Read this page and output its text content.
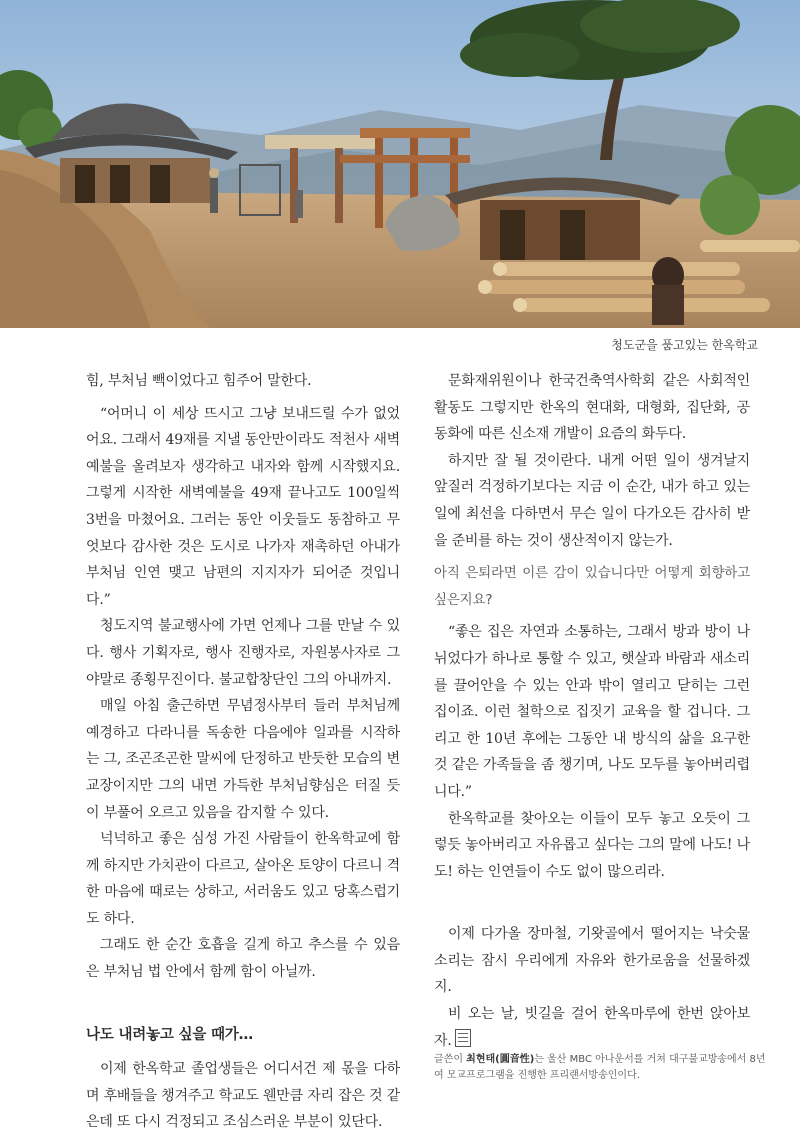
청도군을 품고있는 한옥학교

힘, 부처님 빽이었다고 힘주어 말한다.

“어머니 이 세상 뜨시고 그냥 보내드릴 수가 없었어요. 그래서 49재를 지낼 동안만이라도 적천사 새벽예불을 올려보자 생각하고 내자와 함께 시작했지요. 그렇게 시작한 새벽예불을 49재 끝나고도 100일씩 3번을 마쳤어요. 그러는 동안 이웃들도 동참하고 무엇보다 감사한 것은 도시로 나가자 재촉하던 아내가 부처님 인연 맺고 남편의 지지자가 되어준 것입니다.”

청도지역 불교행사에 가면 언제나 그를 만날 수 있다. 행사 기획자로, 행사 진행자로, 자원봉사자로 그야말로 종횡무진이다. 불교합창단인 그의 아내까지.

매일 아침 출근하면 무념정사부터 들러 부처님께 예경하고 다라니를 독송한 다음에야 일과를 시작하는 그, 조곤조곤한 말씨에 단정하고 반듯한 모습의 변 교장이지만 그의 내면 가득한 부처님향심은 터질 듯이 부풀어 오르고 있음을 감지할 수 있다.

넉넉하고 좋은 심성 가진 사람들이 한옥학교에 함께 하지만 가치관이 다르고, 살아온 토양이 다르니 격한 마음에 때로는 상하고, 서러움도 있고 당혹스럽기도 하다.

그래도 한 순간 호흡을 길게 하고 추스를 수 있음은 부처님 법 안에서 함께 함이 아닐까.

나도 내려놓고 싶을 때가…

이제 한옥학교 졸업생들은 어디서건 제 몫을 다하며 후배들을 챙겨주고 학교도 웬만큼 자리 잡은 것 같은데 또 다시 걱정되고 조심스러운 부분이 있단다.

문화재위원이나 한국건축역사학회 같은 사회적인 활동도 그렇지만 한옥의 현대화, 대형화, 집단화, 공동화에 따른 신소재 개발이 요즘의 화두다.

하지만 잘 될 것이란다. 내게 어떤 일이 생겨날지 앞질러 걱정하기보다는 지금 이 순간, 내가 하고 있는 일에 최선을 다하면서 무슨 일이 다가오든 감사히 받을 준비를 하는 것이 생산적이지 않는가.

아직 은퇴라면 이른 감이 있습니다만 어떻게 회향하고 싶은지요?

“좋은 집은 자연과 소통하는, 그래서 방과 방이 나뉘었다가 하나로 통할 수 있고, 햇살과 바람과 새소리를 끌어안을 수 있는 안과 밖이 열리고 닫히는 그런 집이죠. 이런 철학으로 집짓기 교육을 할 겁니다. 그리고 한 10년 후에는 그동안 내 방식의 삶을 요구한 것 같은 가족들을 좀 챙기며, 나도 모두를 놓아버리렵니다.”

한옥학교를 찾아오는 이들이 모두 놓고 오듯이 그렇듯 놓아버리고 자유롭고 싶다는 그의 말에 나도! 나도! 하는 인연들이 수도 없이 많으리라.

이제 다가올 장마철, 기왓골에서 떨어지는 낙숫물 소리는 잠시 우리에게 자유와 한가로움을 선물하겠지.

비 오는 날, 빗길을 걸어 한옥마루에 한번 앉아보자.

글쓴이 최현태(圓音性)는 울산 MBC 아나운서를 거쳐 대구불교방송에서 8년여 모교프로그램을 진행한 프리랜서방송인이다.
